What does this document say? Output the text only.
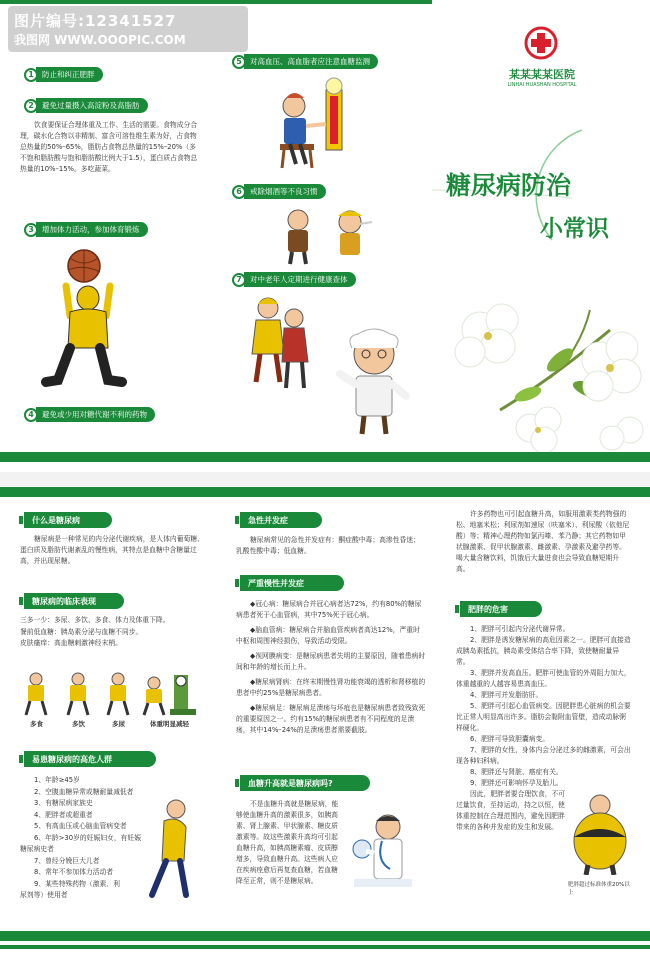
图片编号:12341527
我图网 WWW.OOOPIC.COM
1	防止和纠正肥胖
2	避免过量摄入高淀粉及高脂肪
饮食要保证合理体重及工作、生活的需要。食物成分合理，碳水化合物以非精制、富含可溶性维生素为好，占食物总热量的50%–65%，脂肪占食物总热量的15%–20%（多不饱和脂肪酸与饱和脂肪酸比例大于1.5），蛋白质占食物总热量的10%–15%。多吃蔬菜。
3	增加体力活动，参加体育锻炼
4	避免或少用对糖代谢不利的药物
5	对高血压、高血脂者应注意血糖监测
6	戒除烟酒等不良习惯
7	对中老年人定期进行健康查体
某某某某医院
LINHAI HUASHAN HOSPITAL
糖尿病防治
小常识
什么是糖尿病
糖尿病是一种常见的内分泌代谢疾病，是人体内葡萄糖、蛋白质及脂肪代谢紊乱的慢性病，其特点是血糖中含糖量过高，并出现尿糖。
糖尿病的临床表现
三多一少：多尿、多饮、多食、体力及体重下降。
餐前低血糖：胰岛素分泌与血糖不同步。
皮肤瘙痒：高血糖刺激神经末梢。
多食	多饮	多尿	体重明显减轻
易患糖尿病的高危人群
1、年龄≥45岁
2、空腹血糖异常或糖耐量减低者
3、有糖尿病家族史
4、肥胖者或超重者
5、有高血压或心脑血管病变者
6、年龄>30岁的妊娠妇女，有妊娠
糖尿病史者
7、曾经分娩巨大儿者
8、常年不参加体力活动者
9、某些特殊药物（激素、利
尿剂等）使用者
急性并发症
糖尿病常见的急性并发症有：酮症酸中毒；高渗性昏迷；乳酸性酸中毒；低血糖。
严重慢性并发症
◆冠心病：糖尿病合并冠心病者达72%，约有80%的糖尿病患者死于心血管病，其中75%死于冠心病。
◆脑血管病：糖尿病合并脑血管疾病者高达12%，严重时中枢和周围神经损伤，导致活动受限。
◆视网膜病变：是糖尿病患者失明的主要原因，随着患病时间和年龄的增长而上升。
◆糖尿病肾病：在终末期慢性肾功能衰竭的透析和肾移植的患者中约25%是糖尿病患者。
◆糖尿病足：糖尿病足溃疡与坏疽也是糖尿病患者致残致死的重要原因之一。约有15%的糖尿病患者有不同程度的足溃疡，其中14%–24%的足溃疡患者需要截肢。
血糖升高就是糖尿病吗?
不是血糖升高就是糖尿病，能够使血糖升高的激素很多，如胰高素、肾上腺素、甲状腺素、糖皮质激素等。故这些激素升高均可引起血糖升高，如胰高糖素瘤、皮质醇增多，导致血糖升高。这些病人应在疾病痊愈后再复查血糖，若血糖降至正常，则不是糖尿病。
许多药物也可引起血糖升高，如服用激素类药物强的松、地塞米松；利尿剂如速尿（呋塞米）、利尿酸（依他尼酸）等；精神心理药物如氯丙嗪、苯乃静；其它药物如甲状腺激素、促甲状腺激素、雌激素、孕激素及避孕药等。喝大量含糖饮料，饥饿后大量进食也会导致血糖短期升高。
肥胖的危害
1、肥胖可引起内分泌代谢异常。
2、肥胖是诱发糖尿病的高危因素之一。肥胖可直接造成胰岛素抵抗，胰岛素受体结合率下降，致使糖耐量异常。
3、肥胖并发高血压。肥胖可使血管的外周阻力加大，体重越重的人越容易患高血压。
4、肥胖可并发脂肪肝。
5、肥胖可引起心血管病变。因肥胖患心脏病的机会要比正常人明显高出许多。脂肪会黏附血管壁，造成动脉粥样硬化。
6、肥胖可导致胆囊病变。
7、肥胖的女性，身体内会分泌过多的雌激素，可会出现各种妇科病。
8、肥胖还与肾脏、癌症有关。
9、肥胖还可影响怀孕及胎儿。
因此，肥胖者要合理饮食，不可过量饮食，至持运动，持之以恒，使体重控制在合理范围内，避免因肥胖带来的各种并发症的发生和发展。
肥胖超过标准体重20%以上
